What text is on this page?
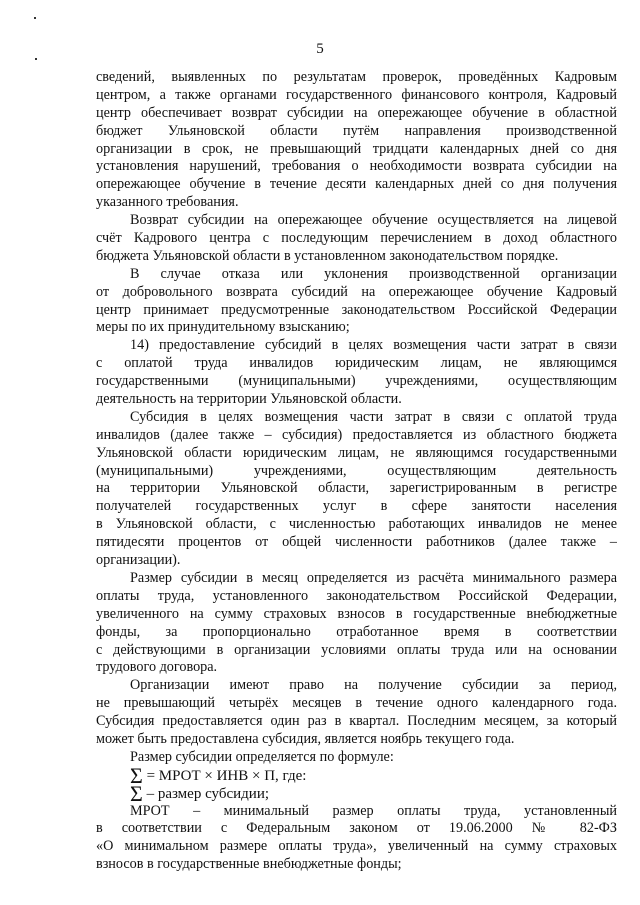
5
сведений, выявленных по результатам проверок, проведённых Кадровым
центром, а также органами государственного финансового контроля, Кадровый
центр обеспечивает возврат субсидии на опережающее обучение в областной
бюджет Ульяновской области путём направления производственной
организации в срок, не превышающий тридцати календарных дней со дня
установления нарушений, требования о необходимости возврата субсидии на
опережающее обучение в течение десяти календарных дней со дня получения
указанного требования.
Возврат субсидии на опережающее обучение осуществляется на лицевой
счёт Кадрового центра с последующим перечислением в доход областного
бюджета Ульяновской области в установленном законодательством порядке.
В случае отказа или уклонения производственной организации
от добровольного возврата субсидий на опережающее обучение Кадровый
центр принимает предусмотренные законодательством Российской Федерации
меры по их принудительному взысканию;
14) предоставление субсидий в целях возмещения части затрат в связи
с оплатой труда инвалидов юридическим лицам, не являющимся
государственными (муниципальными) учреждениями, осуществляющим
деятельность на территории Ульяновской области.
Субсидия в целях возмещения части затрат в связи с оплатой труда
инвалидов (далее также – субсидия) предоставляется из областного бюджета
Ульяновской области юридическим лицам, не являющимся государственными
(муниципальными) учреждениями, осуществляющим деятельность
на территории Ульяновской области, зарегистрированным в регистре
получателей государственных услуг в сфере занятости населения
в Ульяновской области, с численностью работающих инвалидов не менее
пятидесяти процентов от общей численности работников (далее также –
организации).
Размер субсидии в месяц определяется из расчёта минимального размера
оплаты труда, установленного законодательством Российской Федерации,
увеличенного на сумму страховых взносов в государственные внебюджетные
фонды, за пропорционально отработанное время в соответствии
с действующими в организации условиями оплаты труда или на основании
трудового договора.
Организации имеют право на получение субсидии за период,
не превышающий четырёх месяцев в течение одного календарного года.
Субсидия предоставляется один раз в квартал. Последним месяцем, за который
может быть предоставлена субсидия, является ноябрь текущего года.
Размер субсидии определяется по формуле:
Σ = МРОТ × ИНВ × П, где:
Σ – размер субсидии;
МРОТ – минимальный размер оплаты труда, установленный
в соответствии с Федеральным законом от 19.06.2000 № 82-ФЗ
«О минимальном размере оплаты труда», увеличенный на сумму страховых
взносов в государственные внебюджетные фонды;
